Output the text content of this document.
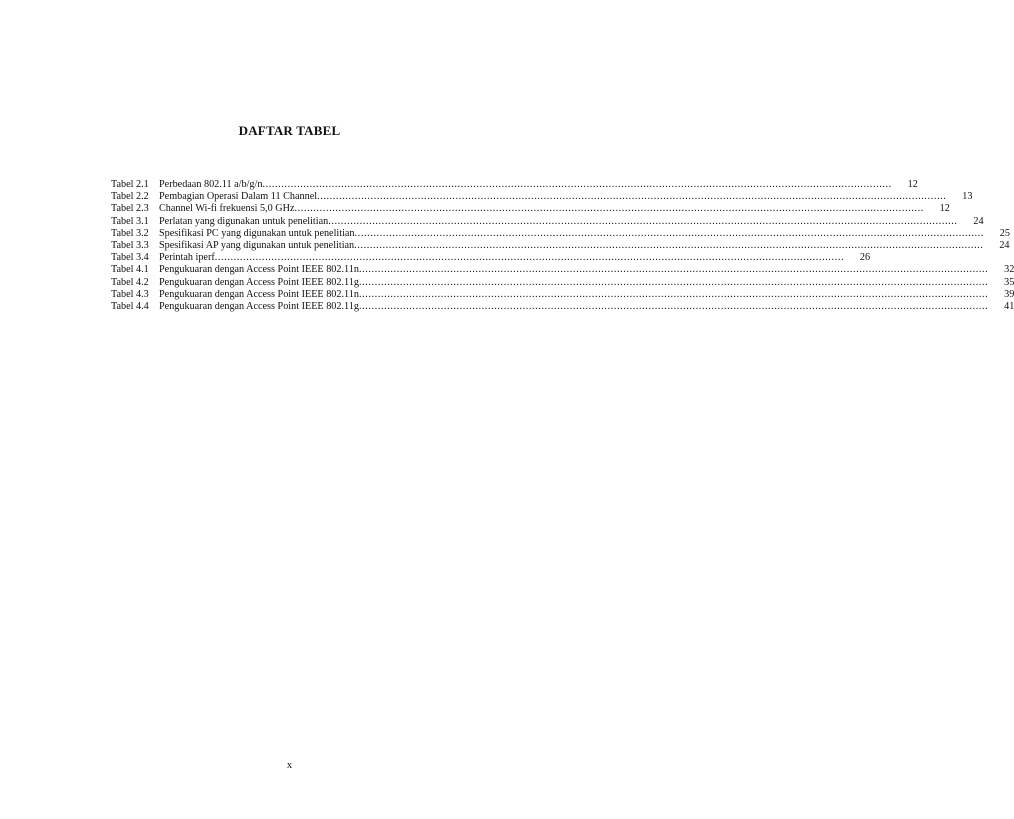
DAFTAR TABEL
Tabel 2.1	Perbedaan 802.11 a/b/g/n ........................................................................................................................................................................................................	12
Tabel 2.2	Pembagian Operasi Dalam 11 Channel ........................................................................................................................................................................................................	13
Tabel 2.3	Channel Wi-fi frekuensi 5,0 GHz ........................................................................................................................................................................................................	12
Tabel 3.1	Perlatan yang digunakan untuk penelitian ........................................................................................................................................................................................................	24
Tabel 3.2	Spesifikasi PC yang digunakan untuk penelitian ........................................................................................................................................................................................................	25
Tabel 3.3	Spesifikasi AP yang digunakan untuk penelitian ........................................................................................................................................................................................................	24
Tabel 3.4	Perintah iperf ........................................................................................................................................................................................................	26
Tabel 4.1	Pengukuaran dengan Access Point IEEE 802.11n ........................................................................................................................................................................................................	32
Tabel 4.2	Pengukuaran dengan Access Point IEEE 802.11g ........................................................................................................................................................................................................	35
Tabel 4.3	Pengukuaran dengan Access Point IEEE 802.11n ........................................................................................................................................................................................................	39
Tabel 4.4	Pengukuaran dengan Access Point IEEE 802.11g ........................................................................................................................................................................................................	41
x
